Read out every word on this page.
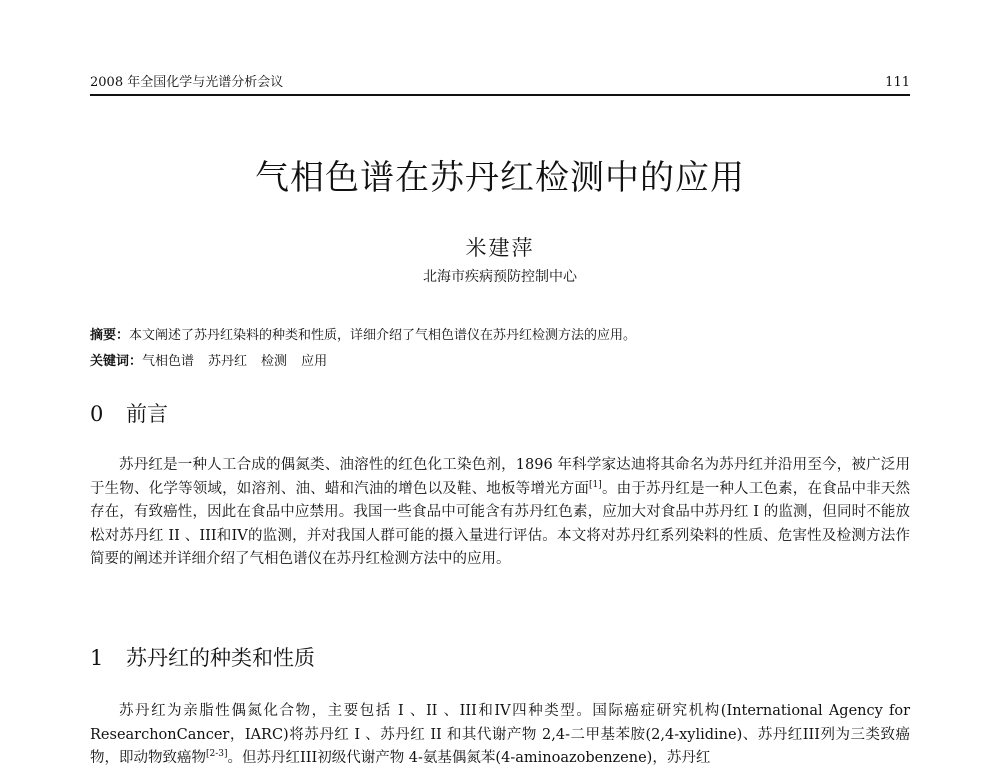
2008 年全国化学与光谱分析会议	111
气相色谱在苏丹红检测中的应用
米建萍
北海市疾病预防控制中心
摘要：本文阐述了苏丹红染料的种类和性质，详细介绍了气相色谱仪在苏丹红检测方法的应用。
关键词：气相色谱 苏丹红 检测 应用
0 前言

苏丹红是一种人工合成的偶氮类、油溶性的红色化工染色剂，1896 年科学家达迪将其命名为苏丹红并沿用至今，被广泛用于生物、化学等领域，如溶剂、油、蜡和汽油的增色以及鞋、地板等增光方面[1]。由于苏丹红是一种人工色素，在食品中非天然存在，有致癌性，因此在食品中应禁用。我国一些食品中可能含有苏丹红色素，应加大对食品中苏丹红 I 的监测，但同时不能放松对苏丹红 II 、III和IV的监测，并对我国人群可能的摄入量进行评估。本文将对苏丹红系列染料的性质、危害性及检测方法作简要的阐述并详细介绍了气相色谱仪在苏丹红检测方法中的应用。

1 苏丹红的种类和性质

苏丹红为亲脂性偶氮化合物，主要包括 I 、II 、III和IV四种类型。国际癌症研究机构(International Agency for ResearchonCancer，IARC)将苏丹红 I 、苏丹红 II 和其代谢产物 2,4-二甲基苯胺(2,4-xylidine)、苏丹红III列为三类致癌物，即动物致癌物[2-3]。但苏丹红III初级代谢产物 4-氨基偶氮苯(4-aminoazobenzene)，苏丹红
